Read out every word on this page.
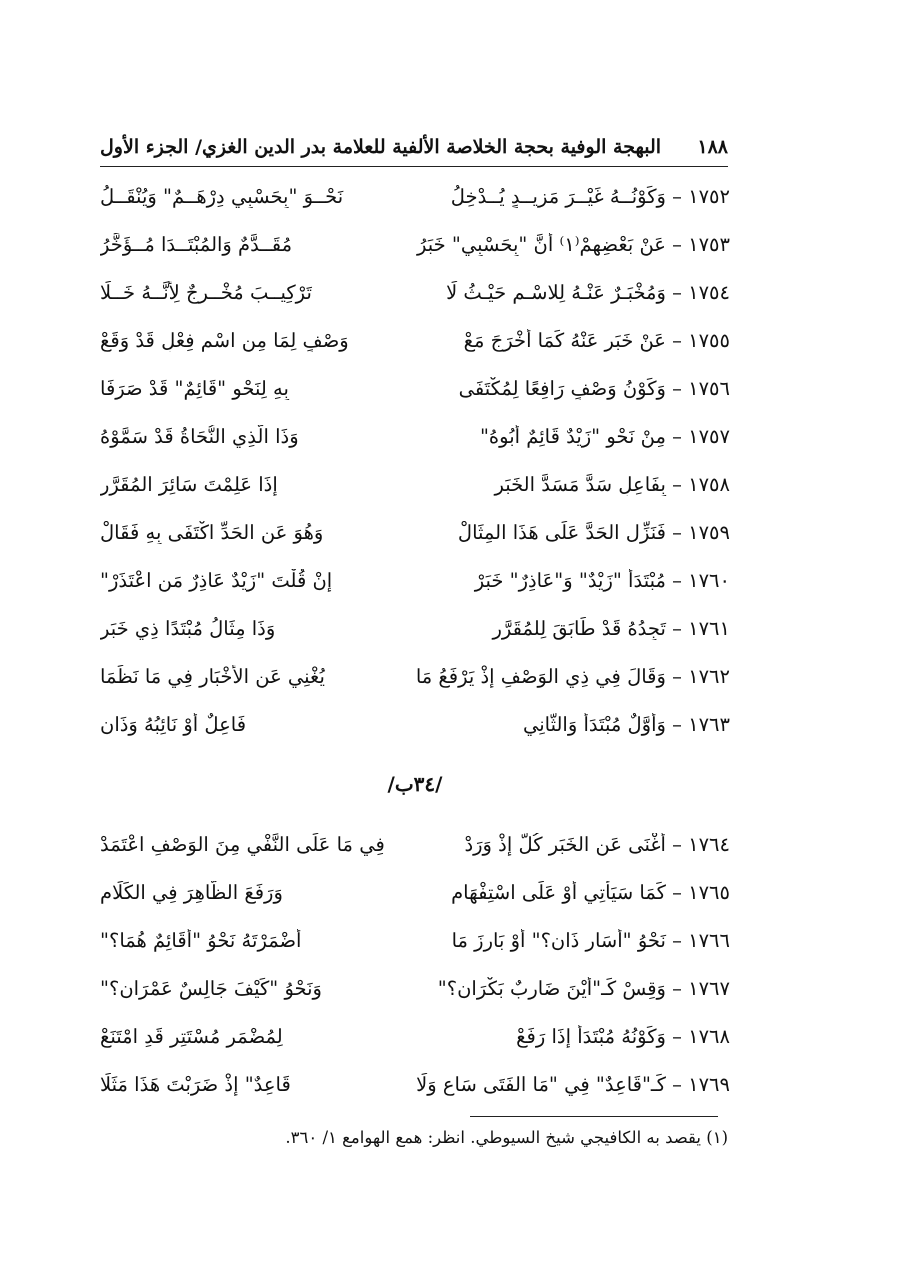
١٨٨
البهجة الوفية بحجة الخلاصة الألفية للعلامة بدر الدين الغزي/ الجزء الأول
١٧٥٢ – وَكَوْنُــهُ غَيْــرَ مَزِيــدٍ يُــدْخِلُ
نَحْــوَ "بِحَسْبِي دِرْهَــمٌ" وَيُنْقَــلُ
١٧٥٣ – عَنْ بَعْضِهِمْ⁽١⁾ أَنَّ "بِحَسْبِي" خَبَرُ
مُقَــدَّمٌ وَالمُبْتَــدَا مُــؤَخَّرُ
١٧٥٤ – وَمُخْبَـرٌ عَنْـهُ لِلاسْـمِ حَيْـثُ لَا
تَرْكِيــبَ مُخْــرِجٌ لِأَنَّــهُ خَــلَا
١٧٥٥ – عَنْ خَبَرٍ عَنْهُ كَمَا أَخْرَجَ مَعْ
وَصْفٍ لِمَا مِنِ اسْمٍ فِعْلٍ قَدْ وَقَعْ
١٧٥٦ – وَكَوْنُ وَصْفٍ رَافِعًا لِمُكْتَفَى
بِهِ لِنَحْوِ "قَائِمٌ" قَدْ صَرَفَا
١٧٥٧ – مِنْ نَحْوِ "زَيْدٌ قَائِمٌ أَبُوهُ"
وَذَا الَّذِي النُّحَاةُ قَدْ سَمَّوْهُ
١٧٥٨ – بِفَاعِلٍ سَدَّ مَسَدَّ الخَبَرِ
إِذَا عَلِمْتَ سَائِرَ المُقَرَّرِ
١٧٥٩ – فَنَزِّلِ الحَدَّ عَلَى هَذَا المِثَالْ
وَهُوَ عَنِ الحَدِّ اكْتَفَى بِهِ فَقَالْ
١٧٦٠ – مُبْتَدَأٌ "زَيْدٌ" وَ"عَاذِرٌ" خَبَرْ
إِنْ قُلْتَ "زَيْدٌ عَاذِرٌ مَنِ اعْتَذَرْ"
١٧٦١ – تَجِدُهُ قَدْ طَابَقَ لِلمُقَرَّرِ
وَذَا مِثَالُ مُبْتَدًا ذِي خَبَرِ
١٧٦٢ – وَقَالَ فِي ذِي الوَصْفِ إِذْ يَرْفَعُ مَا
يُغْنِي عَنِ الأَخْبَارِ فِي مَا نَظَمَا
١٧٦٣ – وَأَوَّلٌ مُبْتَدَأٌ وَالثَّانِي
فَاعِلٌ أَوْ نَائِبُهُ وَذَانِ
/٣٤ب/
١٧٦٤ – أَغْنَى عَنِ الخَبَرِ كُلٌّ إِذْ وَرَدْ
فِي مَا عَلَى النَّفْيِ مِنَ الوَصْفِ اعْتَمَدْ
١٧٦٥ – كَمَا سَيَأْتِي أَوْ عَلَى اسْتِفْهَامِ
وَرَفَعَ الظَّاهِرَ فِي الكَلَامِ
١٧٦٦ – نَحْوُ "أَسَارٍ ذَانِ؟" أَوْ بَارِزَ مَا
أَضْمَرْتَهُ نَحْوُ "أَقَائِمٌ هُمَا؟"
١٧٦٧ – وَقِسْ كَـ"أَيْنَ ضَارِبٌ بَكْرَانِ؟"
وَنَحْوُ "كَيْفَ جَالِسٌ عَمْرَانِ؟"
١٧٦٨ – وَكَوْنُهُ مُبْتَدَأً إِذَا رَفَعْ
لِمُضْمَرٍ مُسْتَتِرٍ قَدِ امْتَنَعْ
١٧٦٩ – كَـ"قَاعِدٌ" فِي "مَا الفَتَى سَاعٍ وَلَا
قَاعِدٌ" إِذْ ضَرَبْتَ هَذَا مَثَلَا
(١) يقصد به الكافيجي شيخ السيوطي. انظر: همع الهوامع ١/ ٣٦٠.
